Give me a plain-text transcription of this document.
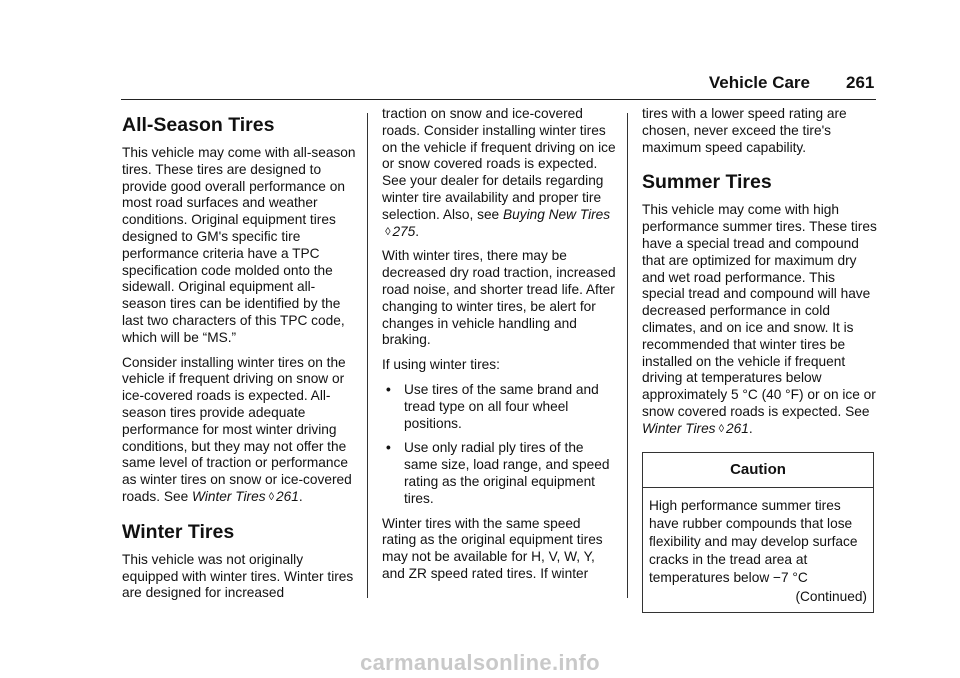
Vehicle Care 261
All-Season Tires

This vehicle may come with all-season tires. These tires are designed to provide good overall performance on most road surfaces and weather conditions. Original equipment tires designed to GM's specific tire performance criteria have a TPC specification code molded onto the sidewall. Original equipment all-season tires can be identified by the last two characters of this TPC code, which will be “MS.”

Consider installing winter tires on the vehicle if frequent driving on snow or ice-covered roads is expected. All-season tires provide adequate performance for most winter driving conditions, but they may not offer the same level of traction or performance as winter tires on snow or ice-covered roads. See Winter Tires ◊ 261.

Winter Tires

This vehicle was not originally equipped with winter tires. Winter tires are designed for increased

traction on snow and ice-covered roads. Consider installing winter tires on the vehicle if frequent driving on ice or snow covered roads is expected. See your dealer for details regarding winter tire availability and proper tire selection. Also, see Buying New Tires◊ 275.

With winter tires, there may be decreased dry road traction, increased road noise, and shorter tread life. After changing to winter tires, be alert for changes in vehicle handling and braking.

If using winter tires:

• Use tires of the same brand and tread type on all four wheel positions.
• Use only radial ply tires of the same size, load range, and speed rating as the original equipment tires.

Winter tires with the same speed rating as the original equipment tires may not be available for H, V, W, Y, and ZR speed rated tires. If winter

tires with a lower speed rating are chosen, never exceed the tire's maximum speed capability.

Summer Tires

This vehicle may come with high performance summer tires. These tires have a special tread and compound that are optimized for maximum dry and wet road performance. This special tread and compound will have decreased performance in cold climates, and on ice and snow. It is recommended that winter tires be installed on the vehicle if frequent driving at temperatures below approximately 5 °C (40 °F) or on ice or snow covered roads is expected. See Winter Tires ◊ 261.

Caution
High performance summer tires have rubber compounds that lose flexibility and may develop surface cracks in the tread area at temperatures below −7 °C
(Continued)
carmanualsonline.info
